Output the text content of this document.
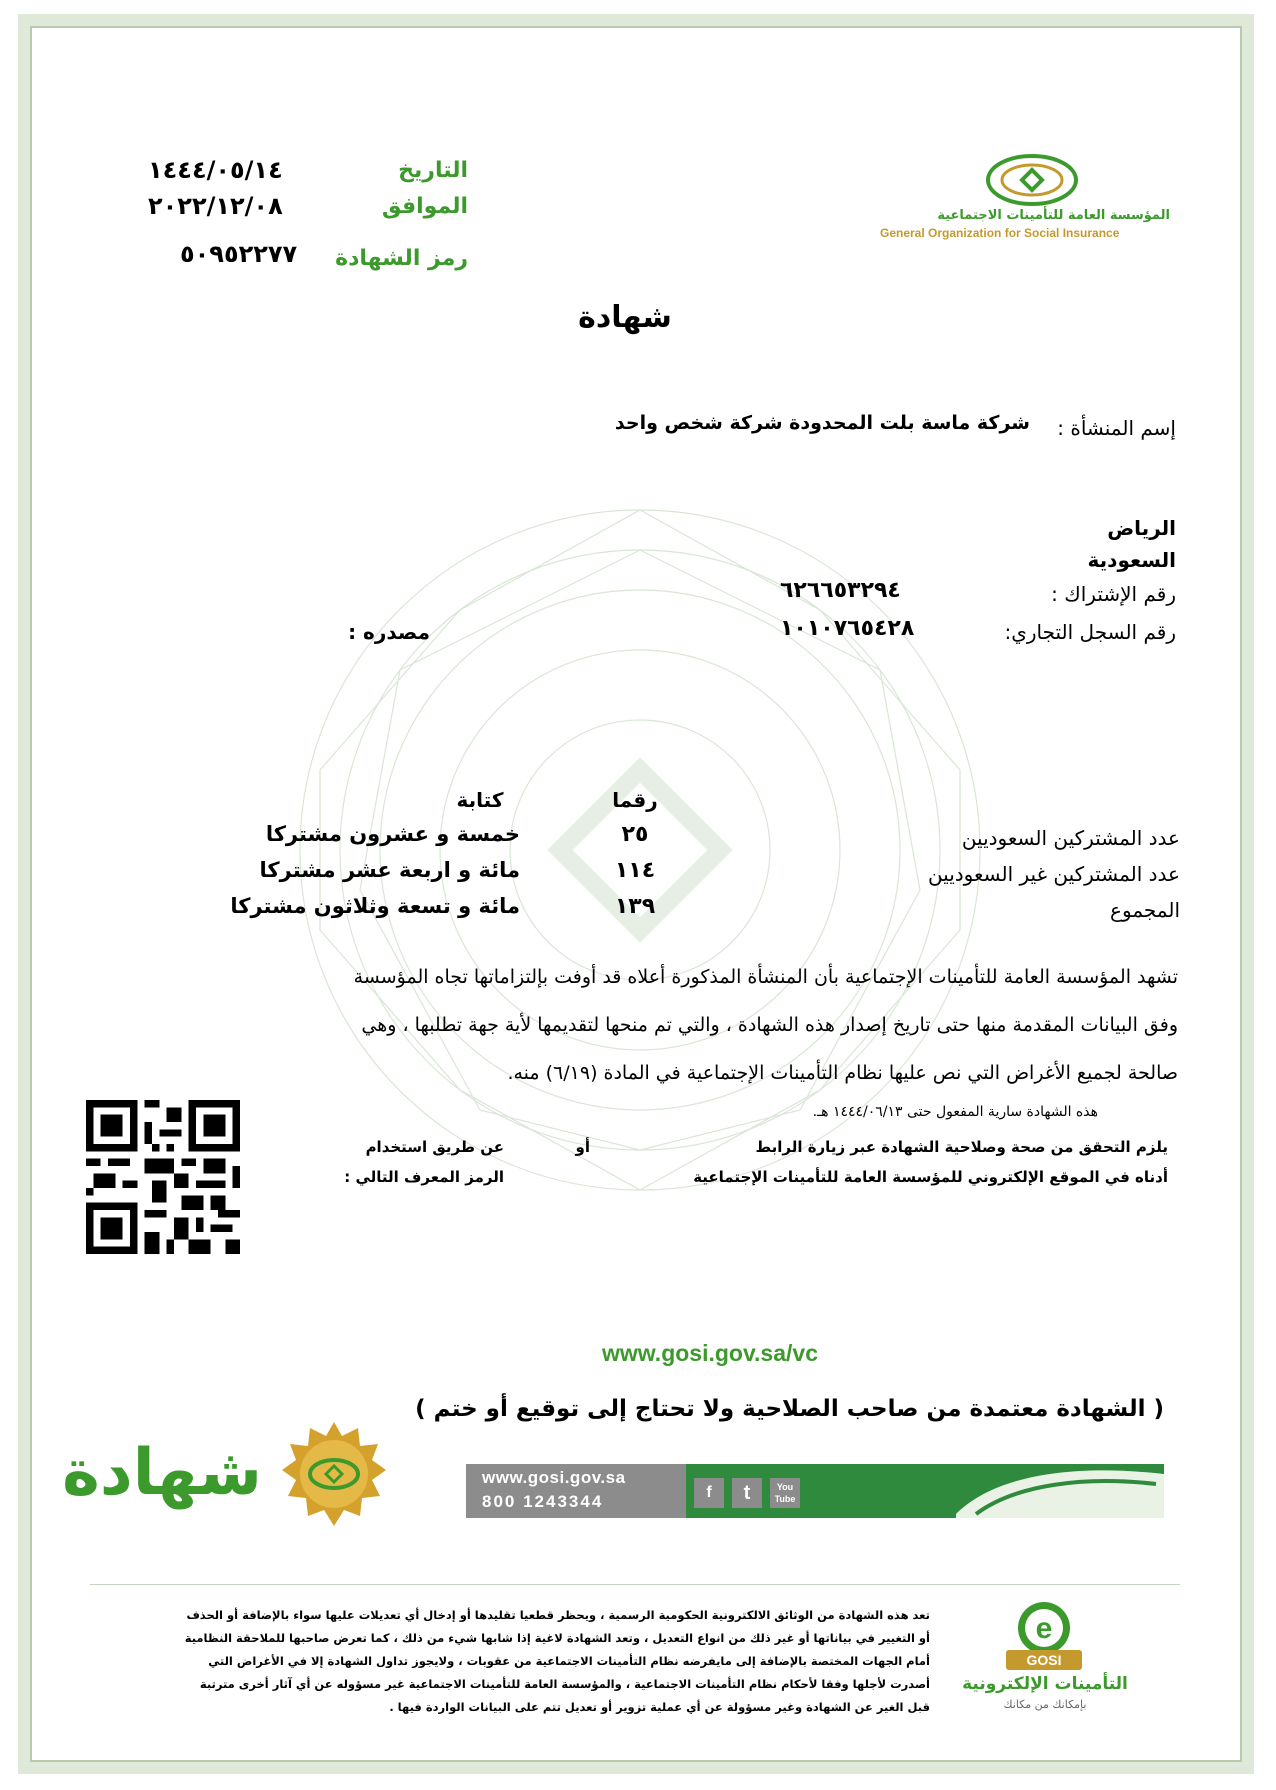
التاريخ
١٤٤٤/٠٥/١٤
الموافق
٢٠٢٢/١٢/٠٨
رمز الشهادة
٥٠٩٥٢٢٧٧
المؤسسة العامة للتأمينات الاجتماعية
General Organization for Social Insurance
شهادة
إسم المنشأة :
شركة ماسة بلت المحدودة شركة شخص واحد
الرياض
السعودية
رقم الإشتراك :
٦٢٦٦٥٣٢٩٤
رقم السجل التجاري:
١٠١٠٧٦٥٤٢٨
مصدره :
رقما
كتابة
عدد المشتركين السعوديين
٢٥
خمسة و عشرون مشتركا
عدد المشتركين غير السعوديين
١١٤
مائة و اربعة عشر مشتركا
المجموع
١٣٩
مائة و تسعة وثلاثون مشتركا
تشهد المؤسسة العامة للتأمينات الإجتماعية بأن المنشأة المذكورة أعلاه قد أوفت بإلتزاماتها تجاه المؤسسة
وفق البيانات المقدمة منها حتى تاريخ إصدار هذه الشهادة ، والتي تم منحها لتقديمها لأية جهة تطلبها ، وهي
صالحة لجميع الأغراض التي نص عليها نظام التأمينات الإجتماعية في المادة (٦/١٩) منه.
هذه الشهادة سارية المفعول حتى ١٤٤٤/٠٦/١٣ هـ.
يلزم التحقق من صحة وصلاحية الشهادة عبر زيارة الرابط
أو
عن طريق استخدام
أدناه في الموقع الإلكتروني للمؤسسة العامة للتأمينات الإجتماعية
الرمز المعرف التالي :
www.gosi.gov.sa/vc
( الشهادة معتمدة من صاحب الصلاحية ولا تحتاج إلى توقيع أو ختم )
شهادة	www.gosi.gov.sa
800 1243344	f	t	You Tube
تعد هذه الشهادة من الوثائق الالكترونية الحكومية الرسمية ، ويحظر قطعيا تقليدها أو إدخال أي تعديلات عليها سواء بالإضافة أو الحذف
أو التغيير في بياناتها أو غير ذلك من انواع التعديل ، وتعد الشهادة لاغية إذا شابها شيء من ذلك ، كما تعرض صاحبها للملاحقة النظامية
أمام الجهات المختصة بالإضافة إلى مايفرضه نظام التأمينات الاجتماعية من عقوبات ، ولايجوز تداول الشهادة إلا في الأغراض التي
أصدرت لأجلها وفقا لأحكام نظام التأمينات الاجتماعية ، والمؤسسة العامة للتأمينات الاجتماعية غير مسؤوله عن أي آثار أخرى مترتبة
قبل الغير عن الشهادة وغير مسؤولة عن أي عملية تزوير أو تعديل تتم على البيانات الواردة فيها .
e
GOSI
التأمينات الإلكترونية
بإمكانك من مكانك
